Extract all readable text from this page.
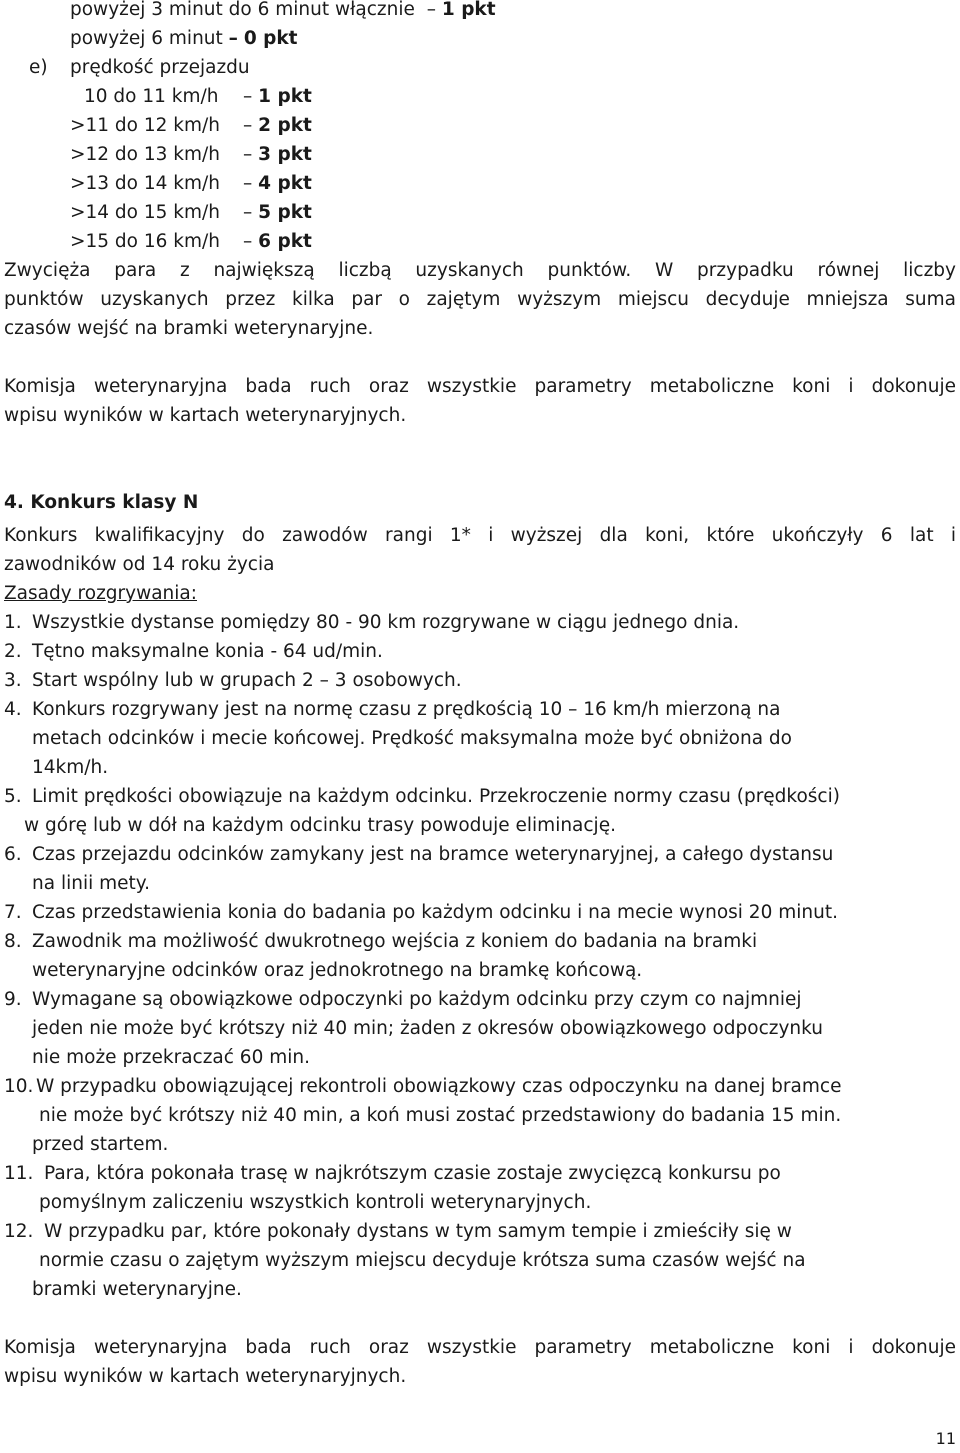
powyżej 3 minut do 6 minut włącznie – 1 pkt
powyżej 6 minut – 0 pkt
e) prędkość przejazdu
10 do 11 km/h – 1 pkt
>11 do 12 km/h – 2 pkt
>12 do 13 km/h – 3 pkt
>13 do 14 km/h – 4 pkt
>14 do 15 km/h – 5 pkt
>15 do 16 km/h – 6 pkt
Zwycięża para z największą liczbą uzyskanych punktów. W przypadku równej liczby
punktów uzyskanych przez kilka par o zajętym wyższym miejscu decyduje mniejsza suma
czasów wejść na bramki weterynaryjne.
Komisja weterynaryjna bada ruch oraz wszystkie parametry metaboliczne koni i dokonuje
wpisu wyników w kartach weterynaryjnych.
4. Konkurs klasy N
Konkurs kwalifikacyjny do zawodów rangi 1* i wyższej dla koni, które ukończyły 6 lat i
zawodników od 14 roku życia
Zasady rozgrywania:
1. Wszystkie dystanse pomiędzy 80 - 90 km rozgrywane w ciągu jednego dnia.
2. Tętno maksymalne konia - 64 ud/min.
3. Start wspólny lub w grupach 2 – 3 osobowych.
4. Konkurs rozgrywany jest na normę czasu z prędkością 10 – 16 km/h mierzoną na
metach odcinków i mecie końcowej. Prędkość maksymalna może być obniżona do
14km/h.
5. Limit prędkości obowiązuje na każdym odcinku. Przekroczenie normy czasu (prędkości)
w górę lub w dół na każdym odcinku trasy powoduje eliminację.
6. Czas przejazdu odcinków zamykany jest na bramce weterynaryjnej, a całego dystansu
na linii mety.
7. Czas przedstawienia konia do badania po każdym odcinku i na mecie wynosi 20 minut.
8. Zawodnik ma możliwość dwukrotnego wejścia z koniem do badania na bramki
weterynaryjne odcinków oraz jednokrotnego na bramkę końcową.
9. Wymagane są obowiązkowe odpoczynki po każdym odcinku przy czym co najmniej
jeden nie może być krótszy niż 40 min; żaden z okresów obowiązkowego odpoczynku
nie może przekraczać 60 min.
10. W przypadku obowiązującej rekontroli obowiązkowy czas odpoczynku na danej bramce
nie może być krótszy niż 40 min, a koń musi zostać przedstawiony do badania 15 min.
przed startem.
11. Para, która pokonała trasę w najkrótszym czasie zostaje zwycięzcą konkursu po
pomyślnym zaliczeniu wszystkich kontroli weterynaryjnych.
12. W przypadku par, które pokonały dystans w tym samym tempie i zmieściły się w
normie czasu o zajętym wyższym miejscu decyduje krótsza suma czasów wejść na
bramki weterynaryjne.
Komisja weterynaryjna bada ruch oraz wszystkie parametry metaboliczne koni i dokonuje
wpisu wyników w kartach weterynaryjnych.
11
